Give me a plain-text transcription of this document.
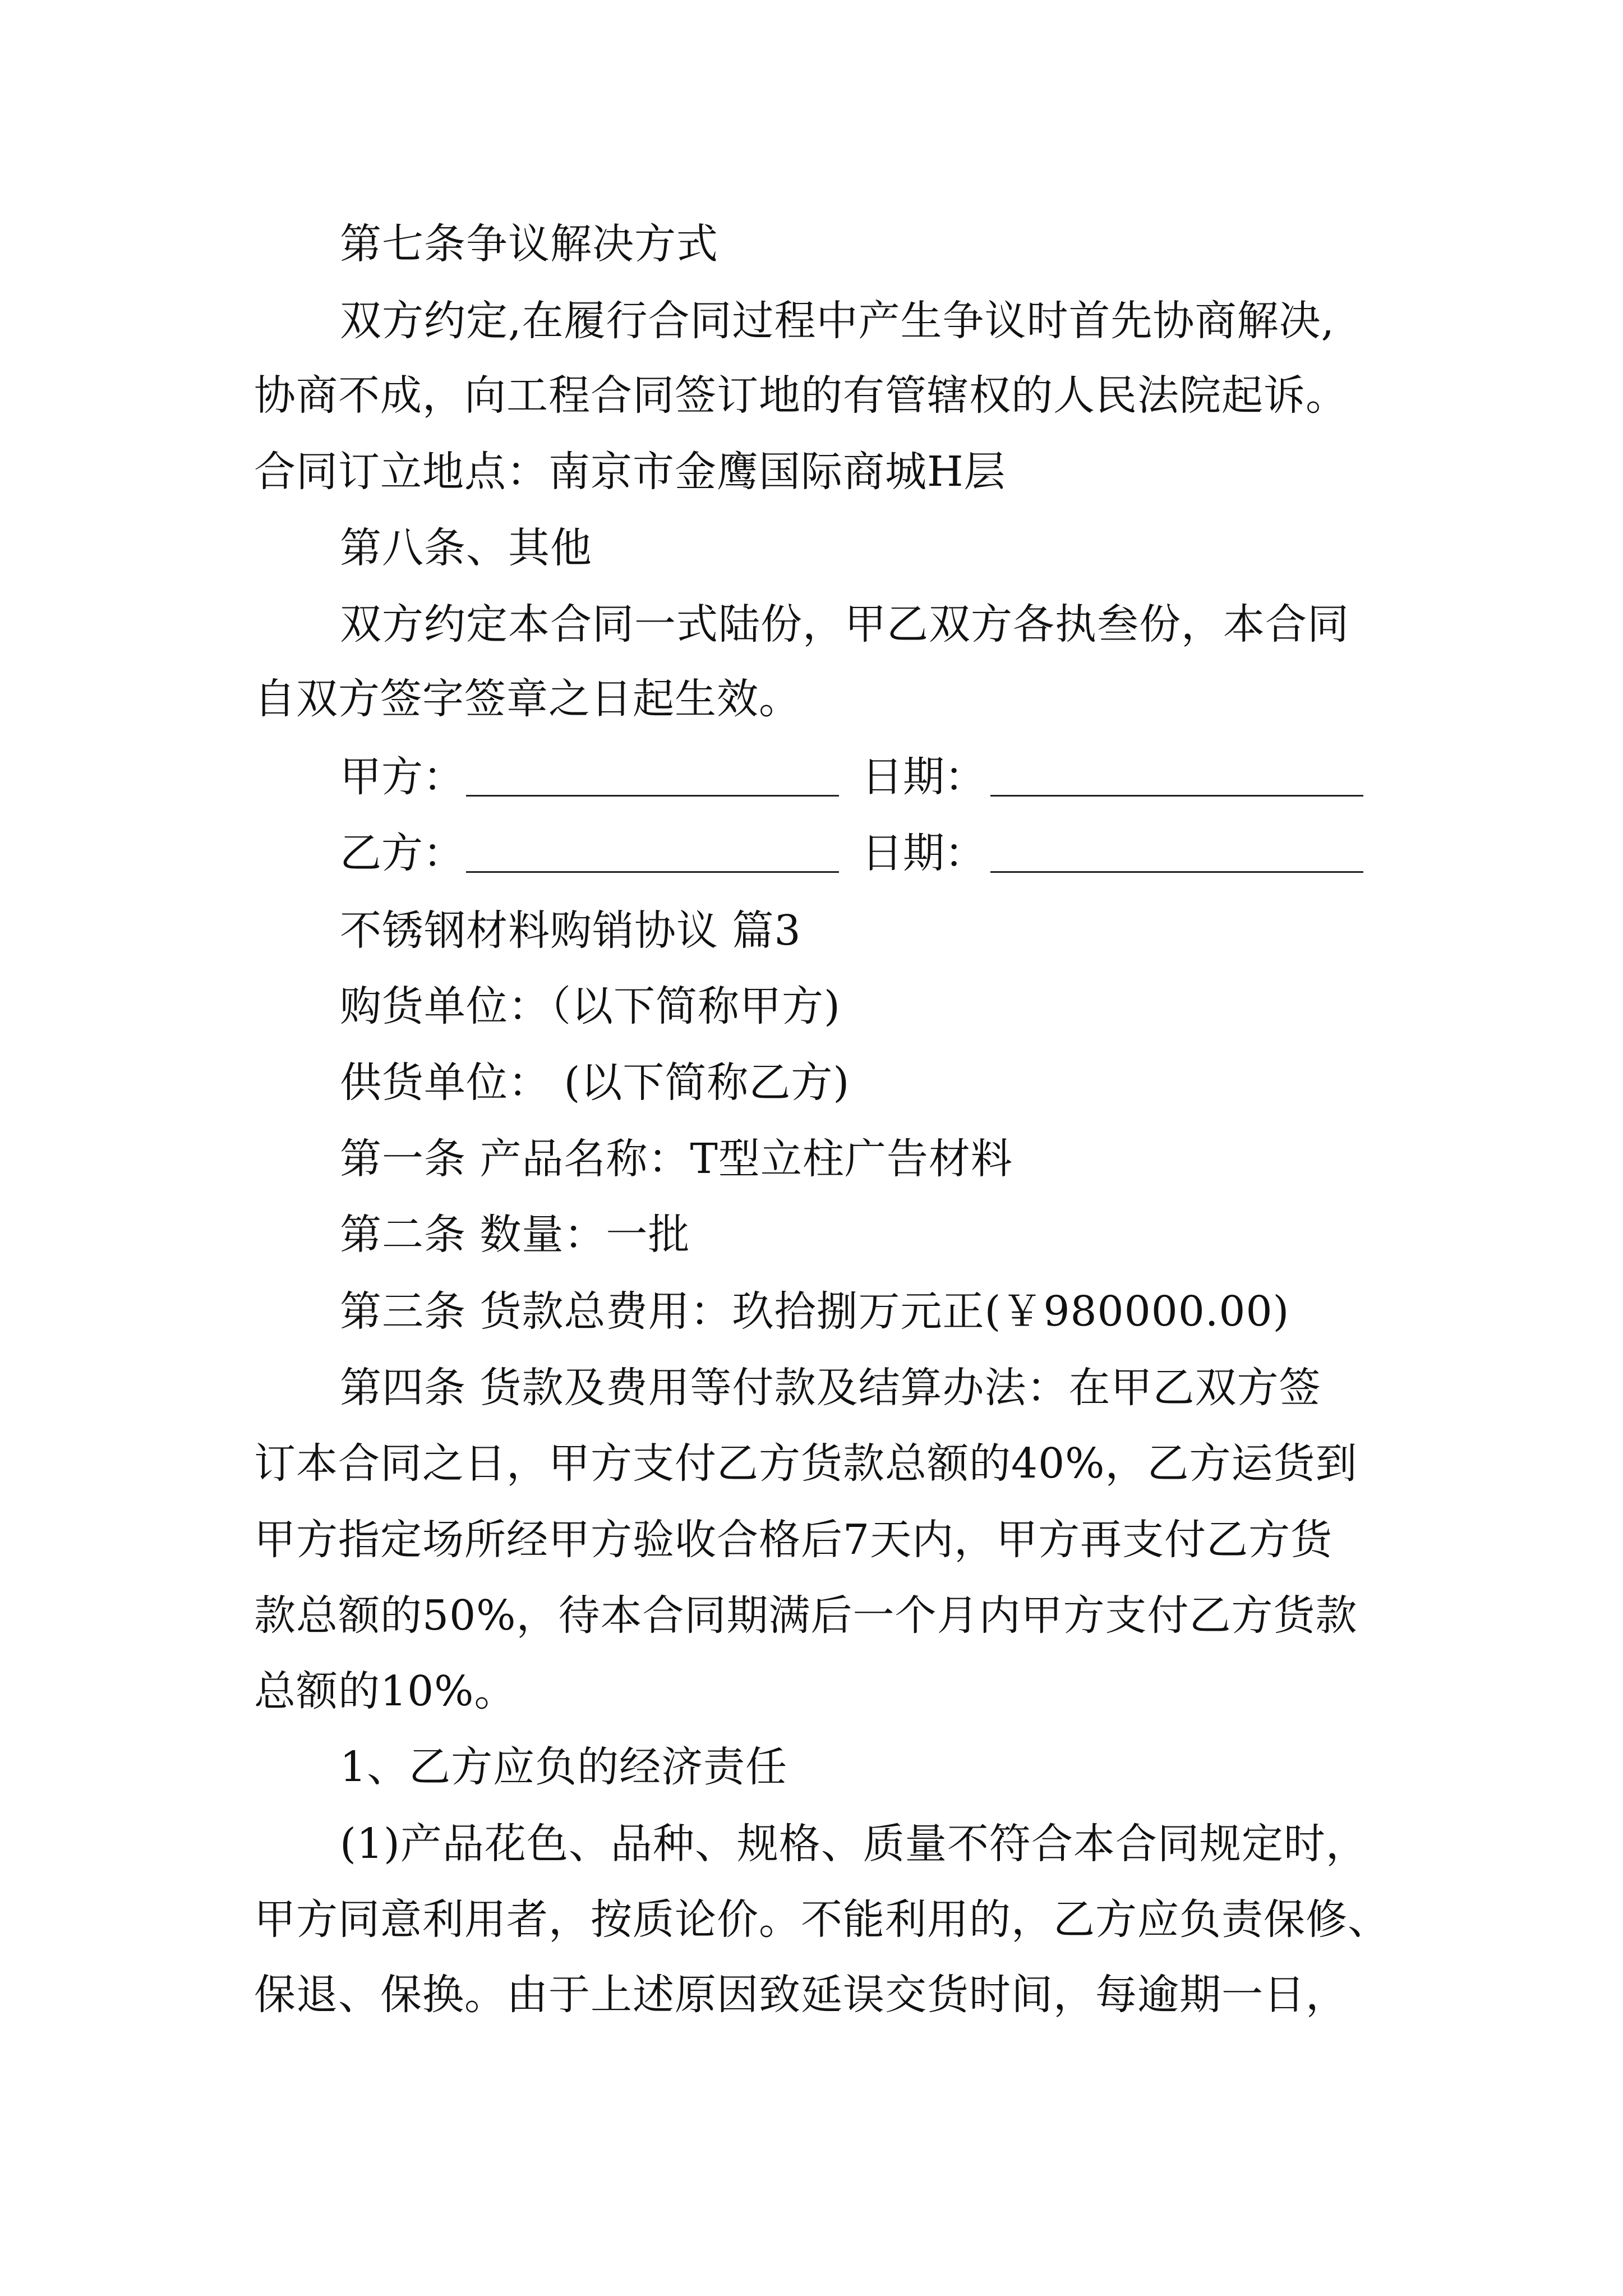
第七条争议解决方式
双方约定,在履行合同过程中产生争议时首先协商解决,
协商不成，向工程合同签订地的有管辖权的人民法院起诉。
合同订立地点：南京市金鹰国际商城H层
第八条、其他
双方约定本合同一式陆份，甲乙双方各执叁份，本合同
自双方签字签章之日起生效。
甲方：	日期：
乙方：	日期：
不锈钢材料购销协议 篇3
购货单位：（以下简称甲方)
供货单位： (以下简称乙方)
第一条 产品名称：T型立柱广告材料
第二条 数量：一批
第三条 货款总费用：玖拾捌万元正(￥980000.00)
第四条 货款及费用等付款及结算办法：在甲乙双方签
订本合同之日，甲方支付乙方货款总额的40%，乙方运货到
甲方指定场所经甲方验收合格后7天内，甲方再支付乙方货
款总额的50%，待本合同期满后一个月内甲方支付乙方货款
总额的10%。
1、乙方应负的经济责任
(1)产品花色、品种、规格、质量不符合本合同规定时，
甲方同意利用者，按质论价。不能利用的，乙方应负责保修、
保退、保换。由于上述原因致延误交货时间，每逾期一日，
